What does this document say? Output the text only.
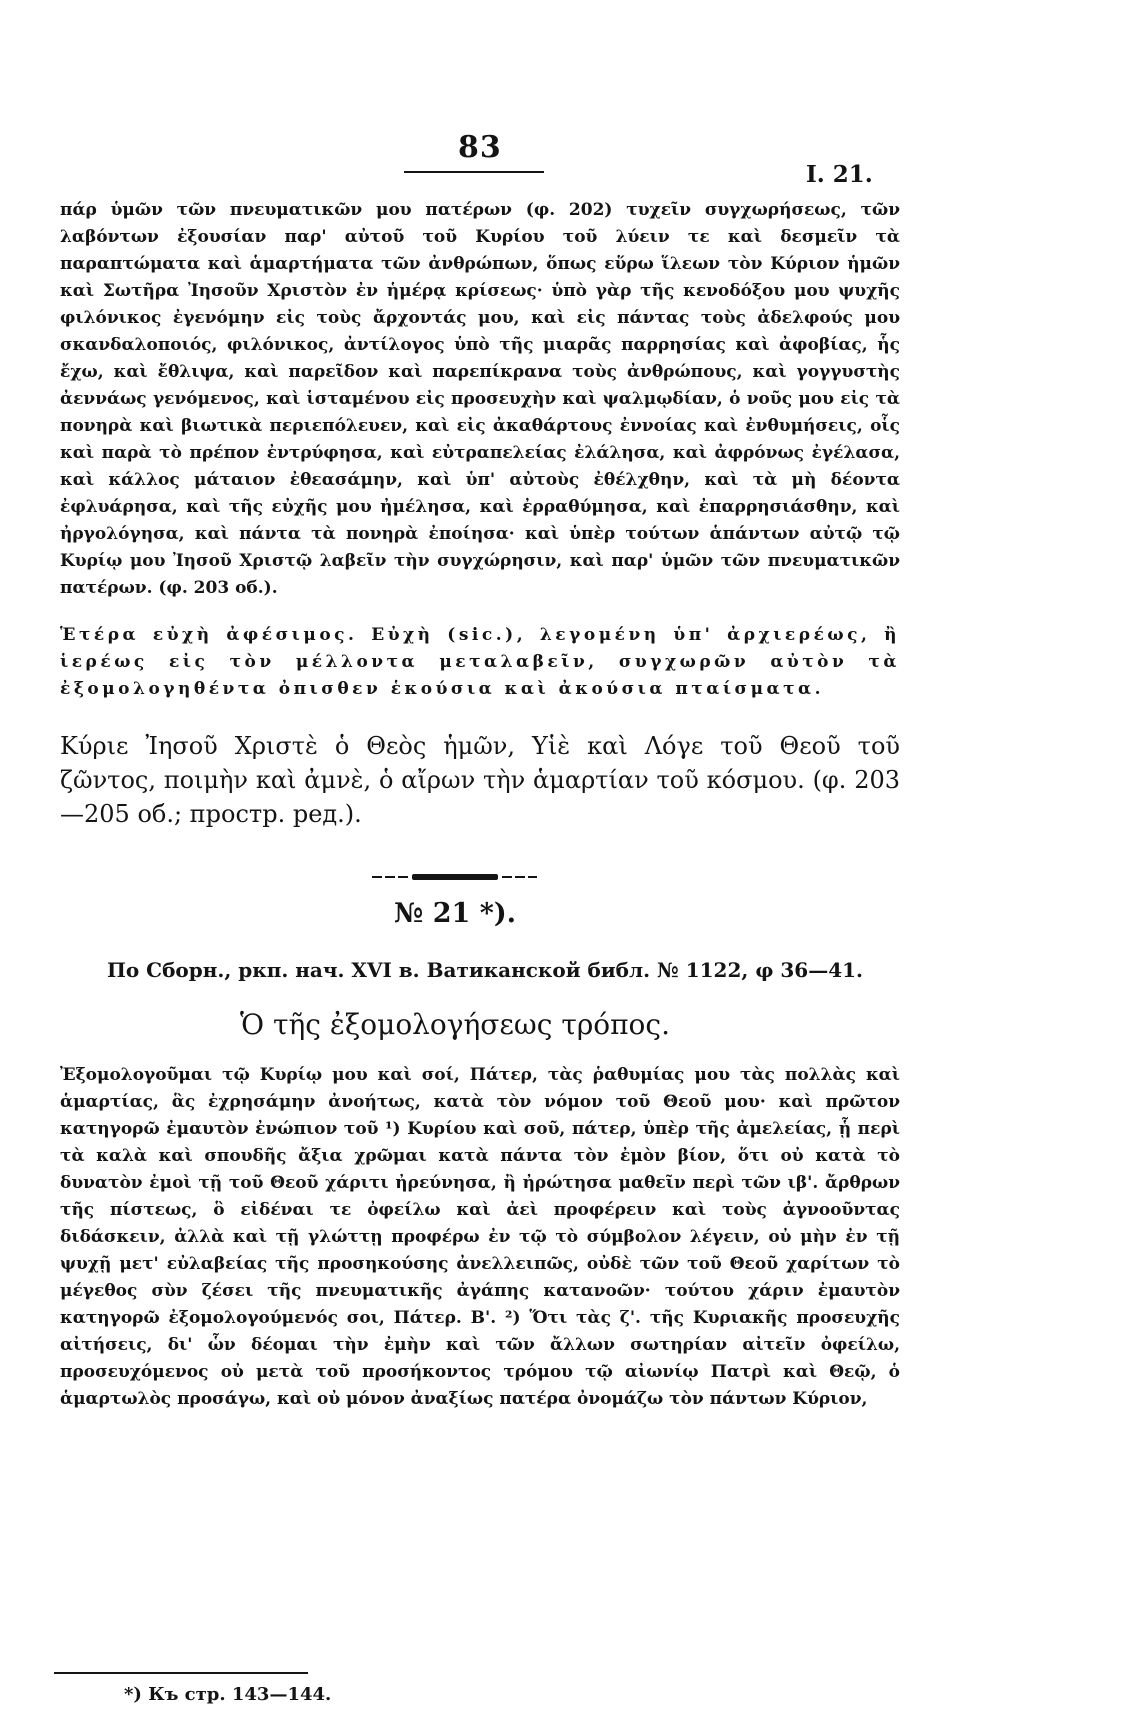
83
I. 21.

πάρ ὑμῶν τῶν πνευματικῶν μου πατέρων (φ. 202) τυχεῖν συγχωρήσεως, τῶν λαβόντων ἐξουσίαν παρ' αὐτοῦ τοῦ Κυρίου τοῦ λύειν τε καὶ δεσμεῖν τὰ παραπτώματα καὶ ἁμαρτήματα τῶν ἀνθρώπων, ὅπως εὕρω ἵλεων τὸν Κύριον ἡμῶν καὶ Σωτῆρα Ἰησοῦν Χριστὸν ἐν ἡμέρᾳ κρίσεως· ὑπὸ γὰρ τῆς κενοδόξου μου ψυχῆς φιλόνικος ἐγενόμην εἰς τοὺς ἄρχοντάς μου, καὶ εἰς πάντας τοὺς ἀδελφούς μου σκανδαλοποιός, φιλόνικος, ἀντίλογος ὑπὸ τῆς μιαρᾶς παρρησίας καὶ ἀφοβίας, ἧς ἔχω, καὶ ἔθλιψα, καὶ παρεῖδον καὶ παρεπίκρανα τοὺς ἀνθρώπους, καὶ γογγυστὴς ἀεννάως γενόμενος, καὶ ἱσταμένου εἰς προσευχὴν καὶ ψαλμῳδίαν, ὁ νοῦς μου εἰς τὰ πονηρὰ καὶ βιωτικὰ περιεπόλευεν, καὶ εἰς ἀκαθάρτους ἐννοίας καὶ ἐνθυμήσεις, οἷς καὶ παρὰ τὸ πρέπον ἐντρύφησα, καὶ εὐτραπελείας ἐλάλησα, καὶ ἀφρόνως ἐγέλασα, καὶ κάλλος μάταιον ἐθεασάμην, καὶ ὑπ' αὐτοὺς ἐθέλχθην, καὶ τὰ μὴ δέοντα ἐφλυάρησα, καὶ τῆς εὐχῆς μου ἠμέλησα, καὶ ἐρραθύμησα, καὶ ἐπαρρησιάσθην, καὶ ἠργολόγησα, καὶ πάντα τὰ πονηρὰ ἐποίησα· καὶ ὑπὲρ τούτων ἁπάντων αὐτῷ τῷ Κυρίῳ μου Ἰησοῦ Χριστῷ λαβεῖν τὴν συγχώρησιν, καὶ παρ' ὑμῶν τῶν πνευματικῶν πατέρων. (φ. 203 об.).

Ἑτέρα εὐχὴ ἀφέσιμος. Εὐχὴ (sic.), λεγομένη ὑπ' ἀρχιερέως, ἢ ἱερέως εἰς τὸν μέλλοντα μεταλαβεῖν, συγχωρῶν αὐτὸν τὰ ἐξομολογηθέντα ὀπισθεν ἑκούσια καὶ ἀκούσια πταίσματα.

Κύριε Ἰησοῦ Χριστὲ ὁ Θεὸς ἡμῶν, Υἱὲ καὶ Λόγε τοῦ Θεοῦ τοῦ ζῶντος, ποιμὴν καὶ ἀμνὲ, ὁ αἴρων τὴν ἁμαρτίαν τοῦ κόσμου. (φ. 203—205 об.; простр. ред.).

№ 21 *).
По Сборн., ркп. нач. XVI в. Ватиканской библ. № 1122, φ 36—41.
Ὁ τῆς ἐξομολογήσεως τρόπος.

Ἐξομολογοῦμαι τῷ Κυρίῳ μου καὶ σοί, Πάτερ, τὰς ῥαθυμίας μου τὰς πολλὰς καὶ ἁμαρτίας, ἃς ἐχρησάμην ἀνοήτως, κατὰ τὸν νόμον τοῦ Θεοῦ μου· καὶ πρῶτον κατηγορῶ ἐμαυτὸν ἐνώπιον τοῦ ¹) Κυρίου καὶ σοῦ, πάτερ, ὑπὲρ τῆς ἀμελείας, ᾗ περὶ τὰ καλὰ καὶ σπουδῆς ἄξια χρῶμαι κατὰ πάντα τὸν ἐμὸν βίον, ὅτι οὐ κατὰ τὸ δυνατὸν ἐμοὶ τῇ τοῦ Θεοῦ χάριτι ἠρεύνησα, ἢ ἠρώτησα μαθεῖν περὶ τῶν ιβ'. ἄρθρων τῆς πίστεως, ὃ εἰδέναι τε ὀφείλω καὶ ἀεὶ προφέρειν καὶ τοὺς ἀγνοοῦντας διδάσκειν, ἀλλὰ καὶ τῇ γλώττῃ προφέρω ἐν τῷ τὸ σύμβολον λέγειν, οὐ μὴν ἐν τῇ ψυχῇ μετ' εὐλαβείας τῆς προσηκούσης ἀνελλειπῶς, οὐδὲ τῶν τοῦ Θεοῦ χαρίτων τὸ μέγεθος σὺν ζέσει τῆς πνευματικῆς ἀγάπης κατανοῶν· τούτου χάριν ἐμαυτὸν κατηγορῶ ἐξομολογούμενός σοι, Πάτερ. Β'. ²) Ὅτι τὰς ζ'. τῆς Κυριακῆς προσευχῆς αἰτήσεις, δι' ὧν δέομαι τὴν ἐμὴν καὶ τῶν ἄλλων σωτηρίαν αἰτεῖν ὀφείλω, προσευχόμενος οὐ μετὰ τοῦ προσήκοντος τρόμου τῷ αἰωνίῳ Πατρὶ καὶ Θεῷ, ὁ ἁμαρτωλὸς προσάγω, καὶ οὐ μόνον ἀναξίως πατέρα ὀνομάζω τὸν πάντων Κύριον,

*) Къ стр. 143—144.
